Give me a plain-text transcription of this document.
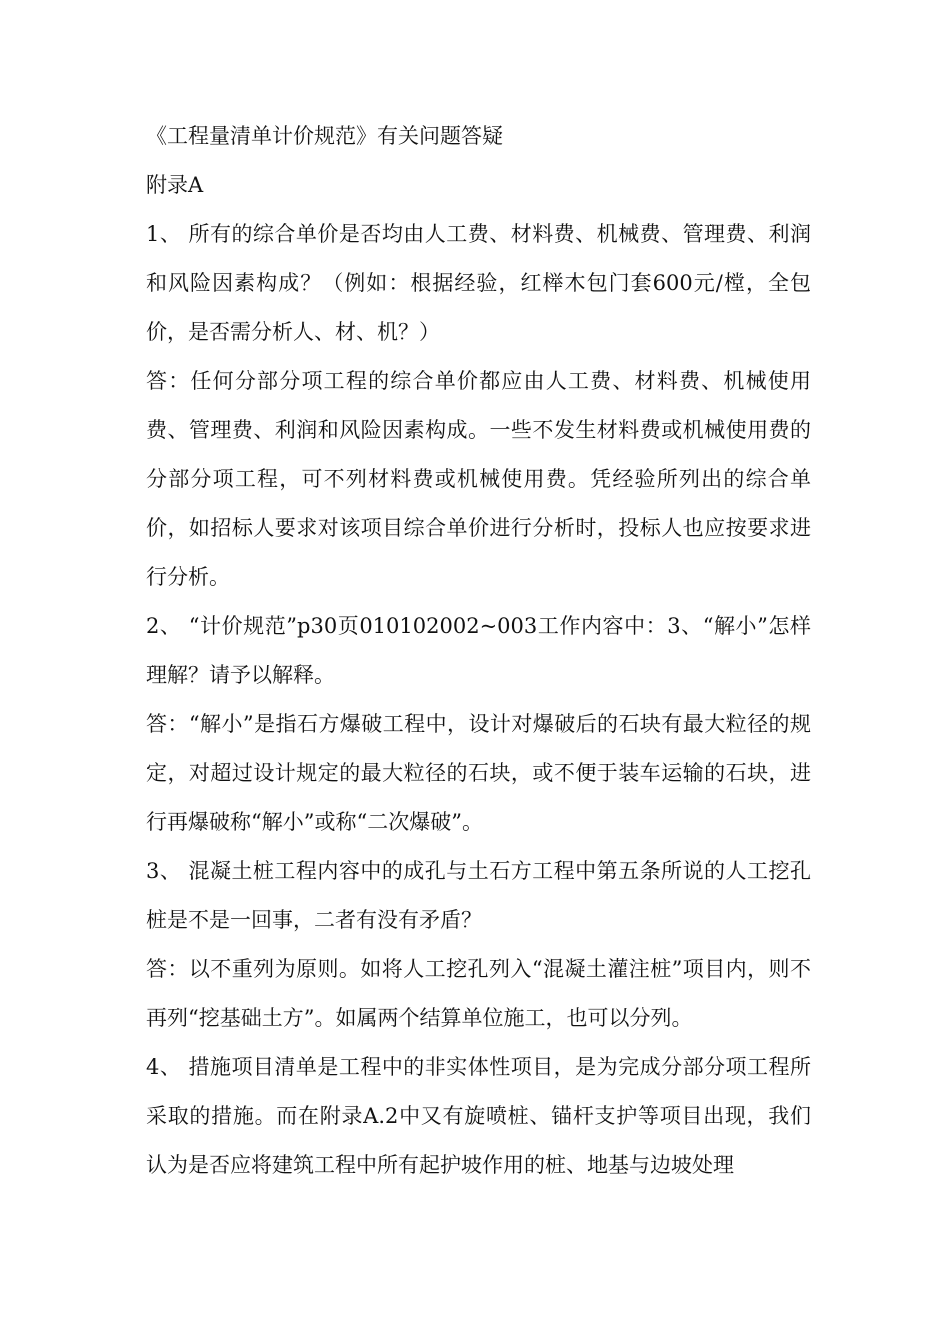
《工程量清单计价规范》有关问题答疑

附录A

1、 所有的综合单价是否均由人工费、材料费、机械费、管理费、利润和风险因素构成？（例如：根据经验，红榉木包门套600元/樘，全包价，是否需分析人、材、机？）

答：任何分部分项工程的综合单价都应由人工费、材料费、机械使用费、管理费、利润和风险因素构成。一些不发生材料费或机械使用费的分部分项工程，可不列材料费或机械使用费。凭经验所列出的综合单价，如招标人要求对该项目综合单价进行分析时，投标人也应按要求进行分析。

2、 “计价规范”p30页010102002~003工作内容中：3、“解小”怎样理解？请予以解释。

答：“解小”是指石方爆破工程中，设计对爆破后的石块有最大粒径的规定，对超过设计规定的最大粒径的石块，或不便于装车运输的石块，进行再爆破称“解小”或称“二次爆破”。

3、 混凝土桩工程内容中的成孔与土石方工程中第五条所说的人工挖孔桩是不是一回事，二者有没有矛盾？

答：以不重列为原则。如将人工挖孔列入“混凝土灌注桩”项目内，则不再列“挖基础土方”。如属两个结算单位施工，也可以分列。

4、 措施项目清单是工程中的非实体性项目，是为完成分部分项工程所采取的措施。而在附录A.2中又有旋喷桩、锚杆支护等项目出现，我们认为是否应将建筑工程中所有起护坡作用的桩、地基与边坡处理
